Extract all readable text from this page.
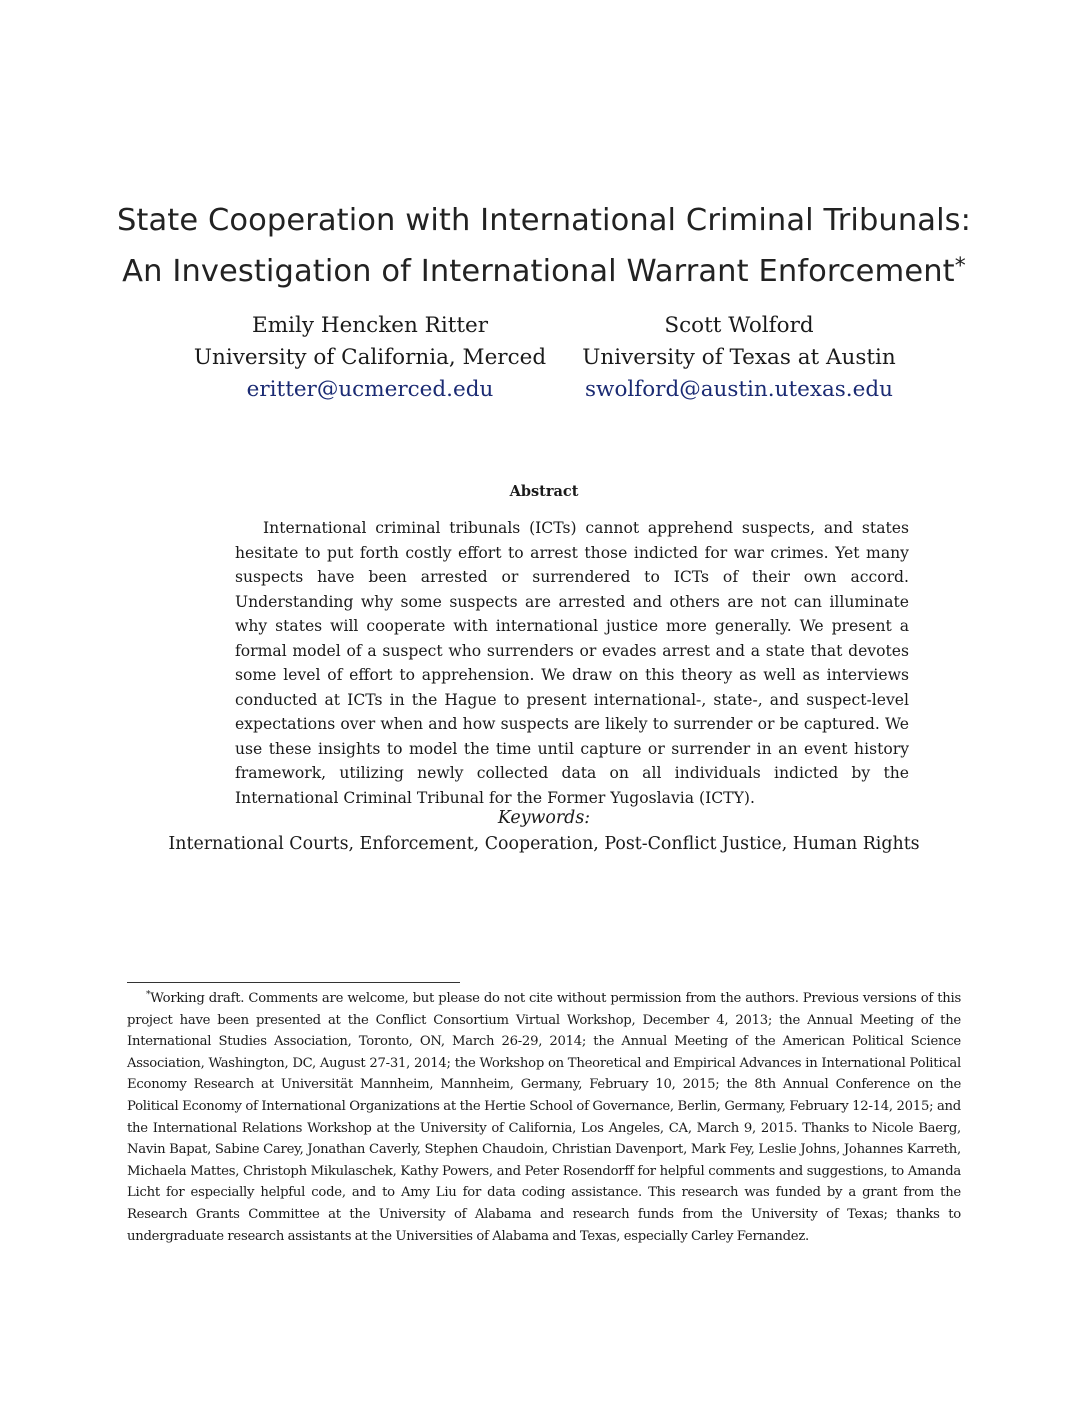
State Cooperation with International Criminal Tribunals:
An Investigation of International Warrant Enforcement*
Emily Hencken Ritter
University of California, Merced
eritter@ucmerced.edu
Scott Wolford
University of Texas at Austin
swolford@austin.utexas.edu
Abstract
International criminal tribunals (ICTs) cannot apprehend suspects, and states hesitate to put forth costly effort to arrest those indicted for war crimes. Yet many suspects have been arrested or surrendered to ICTs of their own accord. Understanding why some suspects are arrested and others are not can illuminate why states will cooperate with international justice more generally. We present a formal model of a suspect who surrenders or evades arrest and a state that devotes some level of effort to apprehension. We draw on this theory as well as interviews conducted at ICTs in the Hague to present international-, state-, and suspect-level expectations over when and how suspects are likely to surrender or be captured. We use these insights to model the time until capture or surrender in an event history framework, utilizing newly collected data on all individuals indicted by the International Criminal Tribunal for the Former Yugoslavia (ICTY).
Keywords:
International Courts, Enforcement, Cooperation, Post-Conflict Justice, Human Rights
*Working draft. Comments are welcome, but please do not cite without permission from the authors. Previous versions of this project have been presented at the Conflict Consortium Virtual Workshop, December 4, 2013; the Annual Meeting of the International Studies Association, Toronto, ON, March 26-29, 2014; the Annual Meeting of the American Political Science Association, Washington, DC, August 27-31, 2014; the Workshop on Theoretical and Empirical Advances in International Political Economy Research at Universität Mannheim, Mannheim, Germany, February 10, 2015; the 8th Annual Conference on the Political Economy of International Organizations at the Hertie School of Governance, Berlin, Germany, February 12-14, 2015; and the International Relations Workshop at the University of California, Los Angeles, CA, March 9, 2015. Thanks to Nicole Baerg, Navin Bapat, Sabine Carey, Jonathan Caverly, Stephen Chaudoin, Christian Davenport, Mark Fey, Leslie Johns, Johannes Karreth, Michaela Mattes, Christoph Mikulaschek, Kathy Powers, and Peter Rosendorff for helpful comments and suggestions, to Amanda Licht for especially helpful code, and to Amy Liu for data coding assistance. This research was funded by a grant from the Research Grants Committee at the University of Alabama and research funds from the University of Texas; thanks to undergraduate research assistants at the Universities of Alabama and Texas, especially Carley Fernandez.
